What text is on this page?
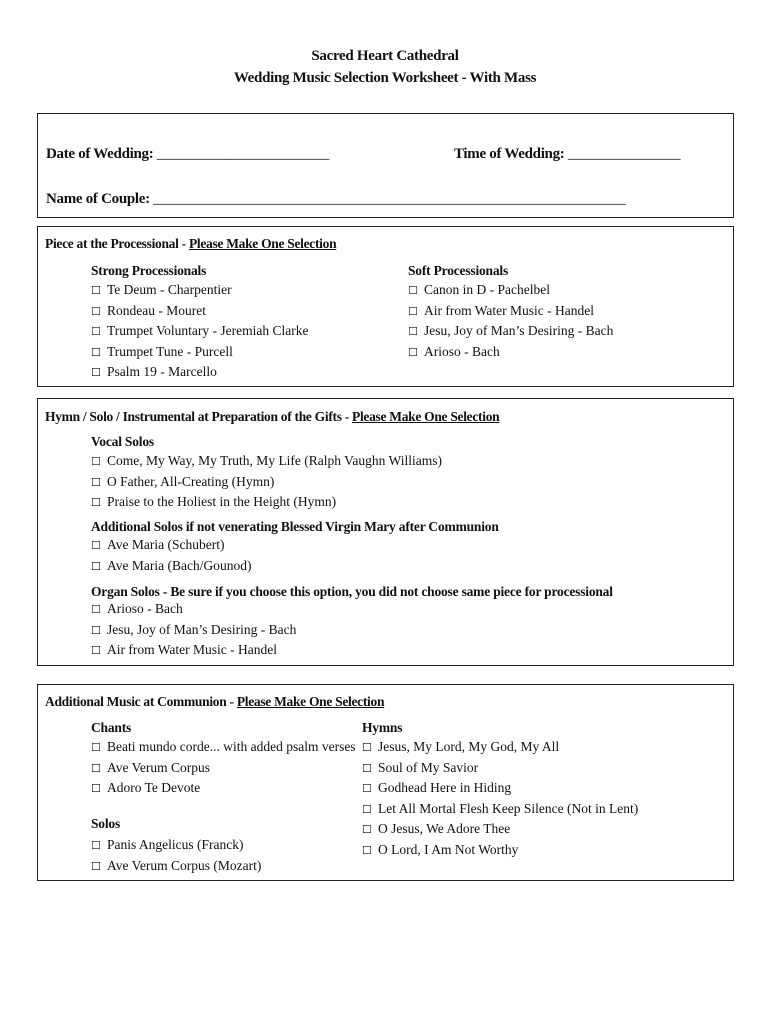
Sacred Heart Cathedral
Wedding Music Selection Worksheet - With Mass
Date of Wedding: _______________________	Time of Wedding: _______________
Name of Couple: _______________________________________________________________
Piece at the Processional - Please Make One Selection
Strong Processionals
☐ Te Deum - Charpentier
☐ Rondeau - Mouret
☐ Trumpet Voluntary - Jeremiah Clarke
☐ Trumpet Tune - Purcell
☐ Psalm 19 - Marcello
Soft Processionals
☐ Canon in D - Pachelbel
☐ Air from Water Music - Handel
☐ Jesu, Joy of Man’s Desiring - Bach
☐ Arioso - Bach
Hymn / Solo / Instrumental at Preparation of the Gifts - Please Make One Selection
Vocal Solos
☐ Come, My Way, My Truth, My Life (Ralph Vaughn Williams)
☐ O Father, All-Creating (Hymn)
☐ Praise to the Holiest in the Height (Hymn)
Additional Solos if not venerating Blessed Virgin Mary after Communion
☐ Ave Maria (Schubert)
☐ Ave Maria (Bach/Gounod)
Organ Solos - Be sure if you choose this option, you did not choose same piece for processional
☐ Arioso - Bach
☐ Jesu, Joy of Man’s Desiring - Bach
☐ Air from Water Music - Handel
Additional Music at Communion - Please Make One Selection
Chants
☐ Beati mundo corde... with added psalm verses
☐ Ave Verum Corpus
☐ Adoro Te Devote
Solos
☐ Panis Angelicus (Franck)
☐ Ave Verum Corpus (Mozart)
Hymns
☐ Jesus, My Lord, My God, My All
☐ Soul of My Savior
☐ Godhead Here in Hiding
☐ Let All Mortal Flesh Keep Silence (Not in Lent)
☐ O Jesus, We Adore Thee
☐ O Lord, I Am Not Worthy
